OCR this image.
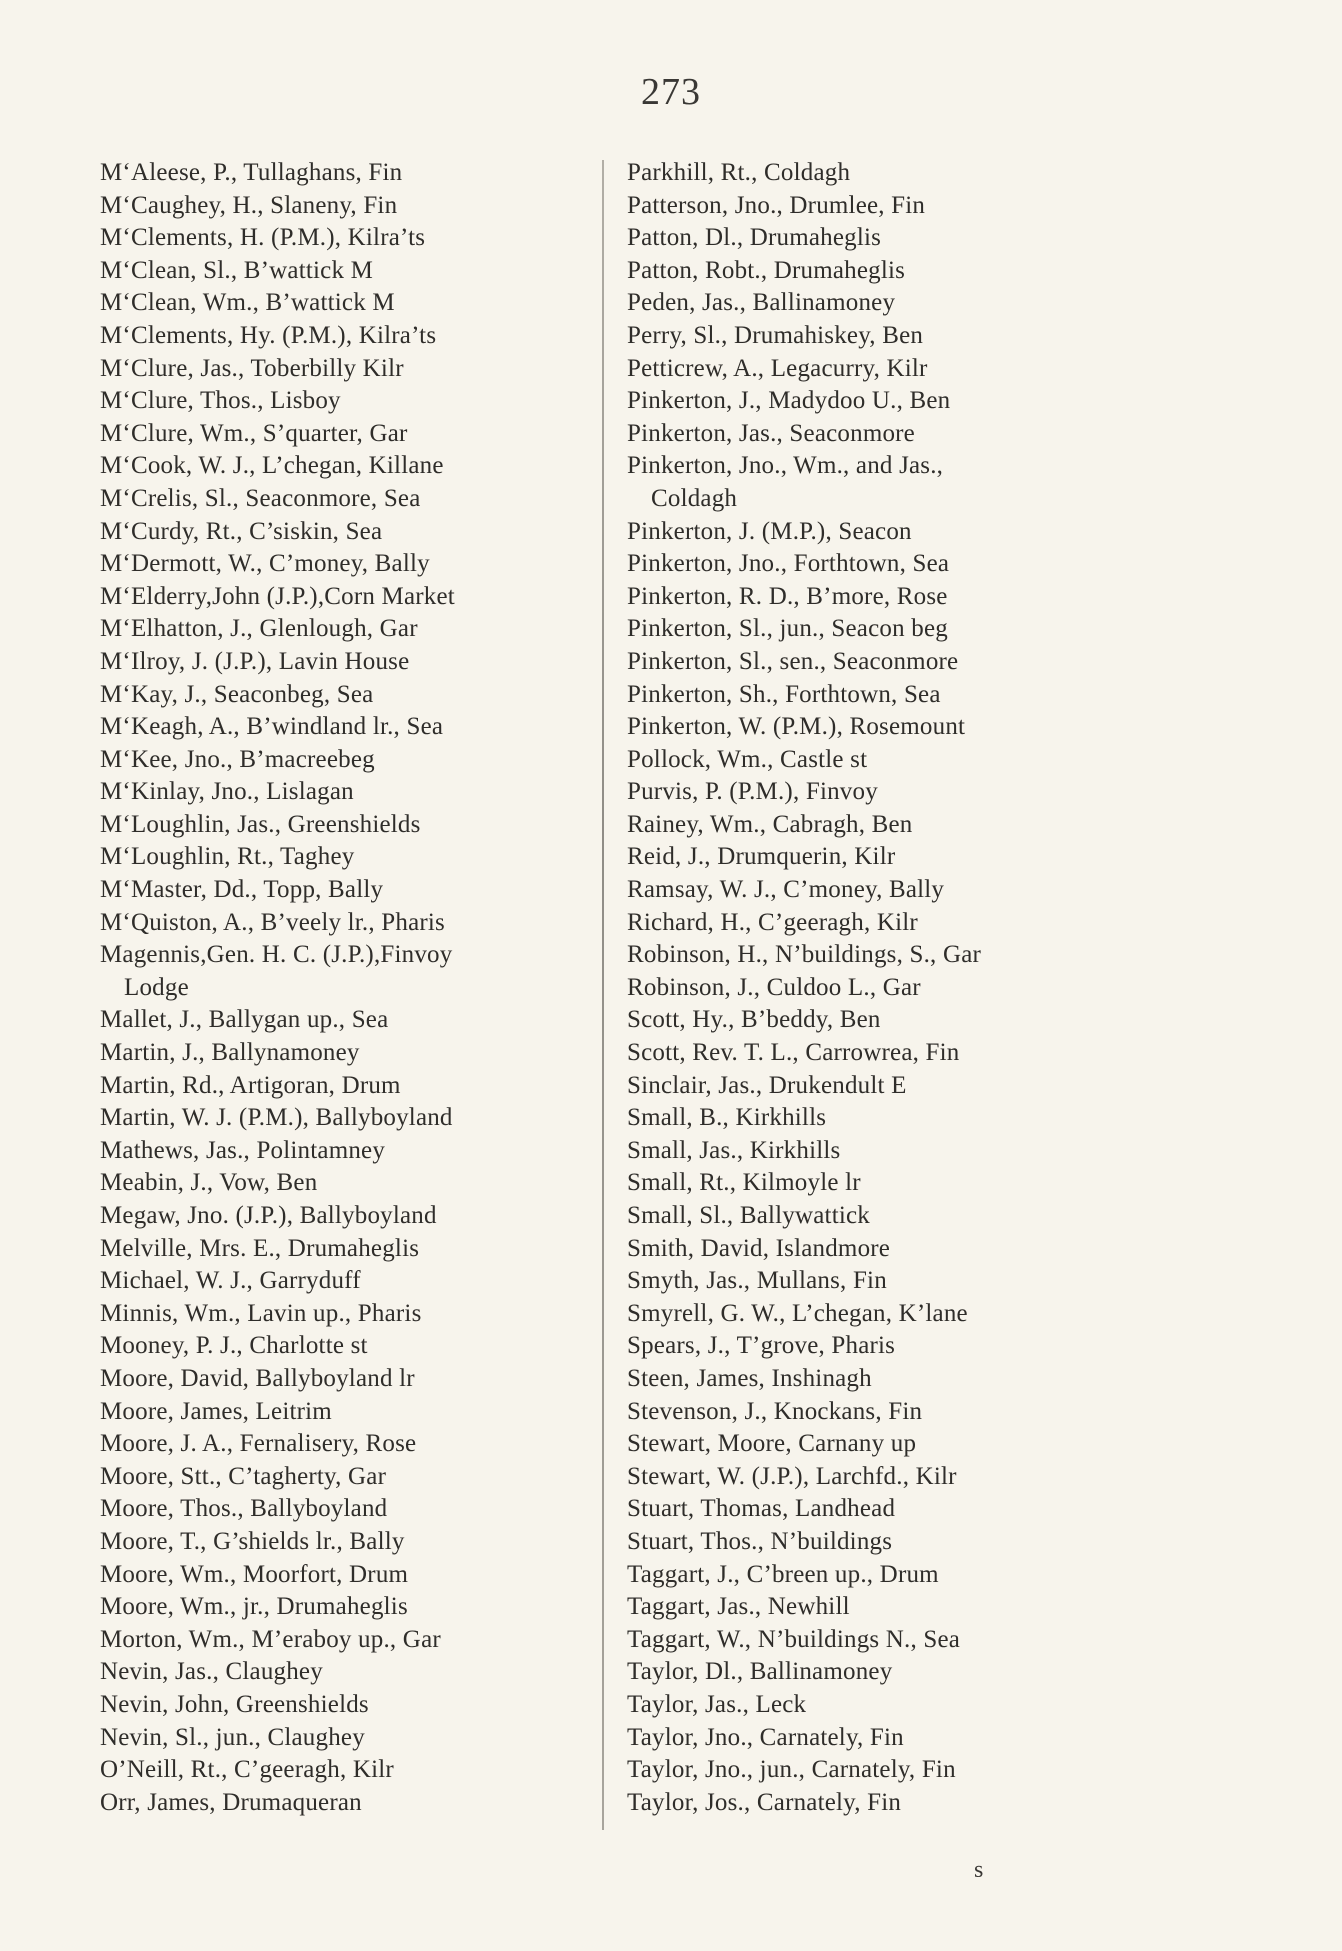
273
M‘Aleese, P., Tullaghans, Fin
M‘Caughey, H., Slaneny, Fin
M‘Clements, H. (P.M.), Kilra’ts
M‘Clean, Sl., B’wattick M
M‘Clean, Wm., B’wattick M
M‘Clements, Hy. (P.M.), Kilra’ts
M‘Clure, Jas., Toberbilly Kilr
M‘Clure, Thos., Lisboy
M‘Clure, Wm., S’quarter, Gar
M‘Cook, W. J., L’chegan, Killane
M‘Crelis, Sl., Seaconmore, Sea
M‘Curdy, Rt., C’siskin, Sea
M‘Dermott, W., C’money, Bally
M‘Elderry,John (J.P.),Corn Market
M‘Elhatton, J., Glenlough, Gar
M‘Ilroy, J. (J.P.), Lavin House
M‘Kay, J., Seaconbeg, Sea
M‘Keagh, A., B’windland lr., Sea
M‘Kee, Jno., B’macreebeg
M‘Kinlay, Jno., Lislagan
M‘Loughlin, Jas., Greenshields
M‘Loughlin, Rt., Taghey
M‘Master, Dd., Topp, Bally
M‘Quiston, A., B’veely lr., Pharis
Magennis,Gen. H. C. (J.P.),Finvoy
Lodge
Mallet, J., Ballygan up., Sea
Martin, J., Ballynamoney
Martin, Rd., Artigoran, Drum
Martin, W. J. (P.M.), Ballyboyland
Mathews, Jas., Polintamney
Meabin, J., Vow, Ben
Megaw, Jno. (J.P.), Ballyboyland
Melville, Mrs. E., Drumaheglis
Michael, W. J., Garryduff
Minnis, Wm., Lavin up., Pharis
Mooney, P. J., Charlotte st
Moore, David, Ballyboyland lr
Moore, James, Leitrim
Moore, J. A., Fernalisery, Rose
Moore, Stt., C’tagherty, Gar
Moore, Thos., Ballyboyland
Moore, T., G’shields lr., Bally
Moore, Wm., Moorfort, Drum
Moore, Wm., jr., Drumaheglis
Morton, Wm., M’eraboy up., Gar
Nevin, Jas., Claughey
Nevin, John, Greenshields
Nevin, Sl., jun., Claughey
O’Neill, Rt., C’geeragh, Kilr
Orr, James, Drumaqueran
Parkhill, Rt., Coldagh
Patterson, Jno., Drumlee, Fin
Patton, Dl., Drumaheglis
Patton, Robt., Drumaheglis
Peden, Jas., Ballinamoney
Perry, Sl., Drumahiskey, Ben
Petticrew, A., Legacurry, Kilr
Pinkerton, J., Madydoo U., Ben
Pinkerton, Jas., Seaconmore
Pinkerton, Jno., Wm., and Jas.,
Coldagh
Pinkerton, J. (M.P.), Seacon
Pinkerton, Jno., Forthtown, Sea
Pinkerton, R. D., B’more, Rose
Pinkerton, Sl., jun., Seacon beg
Pinkerton, Sl., sen., Seaconmore
Pinkerton, Sh., Forthtown, Sea
Pinkerton, W. (P.M.), Rosemount
Pollock, Wm., Castle st
Purvis, P. (P.M.), Finvoy
Rainey, Wm., Cabragh, Ben
Reid, J., Drumquerin, Kilr
Ramsay, W. J., C’money, Bally
Richard, H., C’geeragh, Kilr
Robinson, H., N’buildings, S., Gar
Robinson, J., Culdoo L., Gar
Scott, Hy., B’beddy, Ben
Scott, Rev. T. L., Carrowrea, Fin
Sinclair, Jas., Drukendult E
Small, B., Kirkhills
Small, Jas., Kirkhills
Small, Rt., Kilmoyle lr
Small, Sl., Ballywattick
Smith, David, Islandmore
Smyth, Jas., Mullans, Fin
Smyrell, G. W., L’chegan, K’lane
Spears, J., T’grove, Pharis
Steen, James, Inshinagh
Stevenson, J., Knockans, Fin
Stewart, Moore, Carnany up
Stewart, W. (J.P.), Larchfd., Kilr
Stuart, Thomas, Landhead
Stuart, Thos., N’buildings
Taggart, J., C’breen up., Drum
Taggart, Jas., Newhill
Taggart, W., N’buildings N., Sea
Taylor, Dl., Ballinamoney
Taylor, Jas., Leck
Taylor, Jno., Carnately, Fin
Taylor, Jno., jun., Carnately, Fin
Taylor, Jos., Carnately, Fin
s
